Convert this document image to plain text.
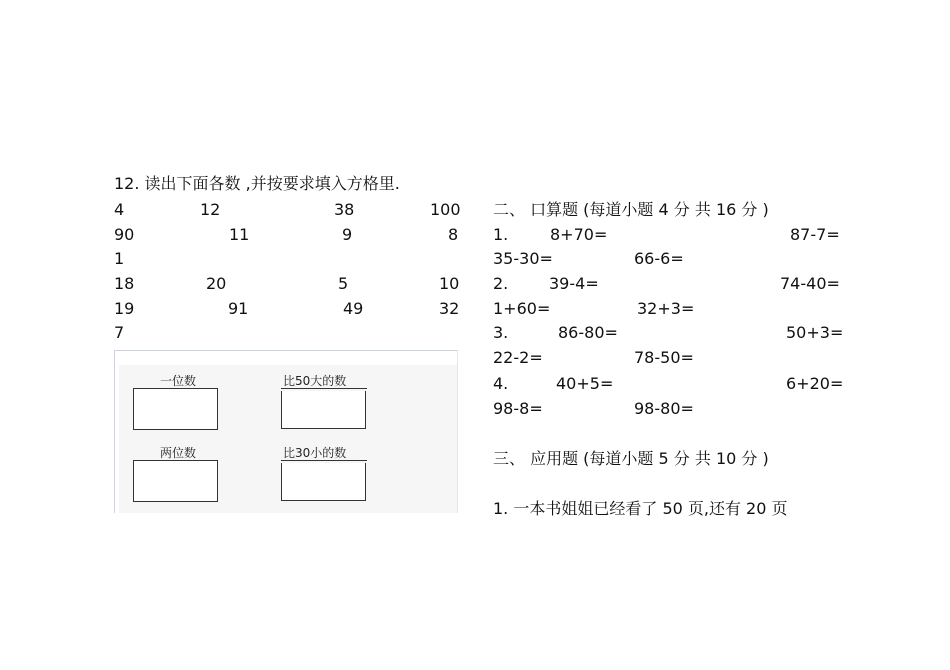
12. 读出下面各数 ,并按要求填入方格里.
4	12	38	100
90	11	9	8
1
18	20	5	10
19	91	49	32
7
一位数	比50大的数
两位数	比30小的数
二、 口算题 (每道小题 4 分 共 16 分 )
1.	8+70=	87-7=
35-30=	66-6=
2.	39-4=	74-40=
1+60=	32+3=
3.	86-80=	50+3=
22-2=	78-50=
4.	40+5=	6+20=
98-8=	98-80=
三、 应用题 (每道小题 5 分 共 10 分 )
1. 一本书姐姐已经看了 50 页,还有 20 页
